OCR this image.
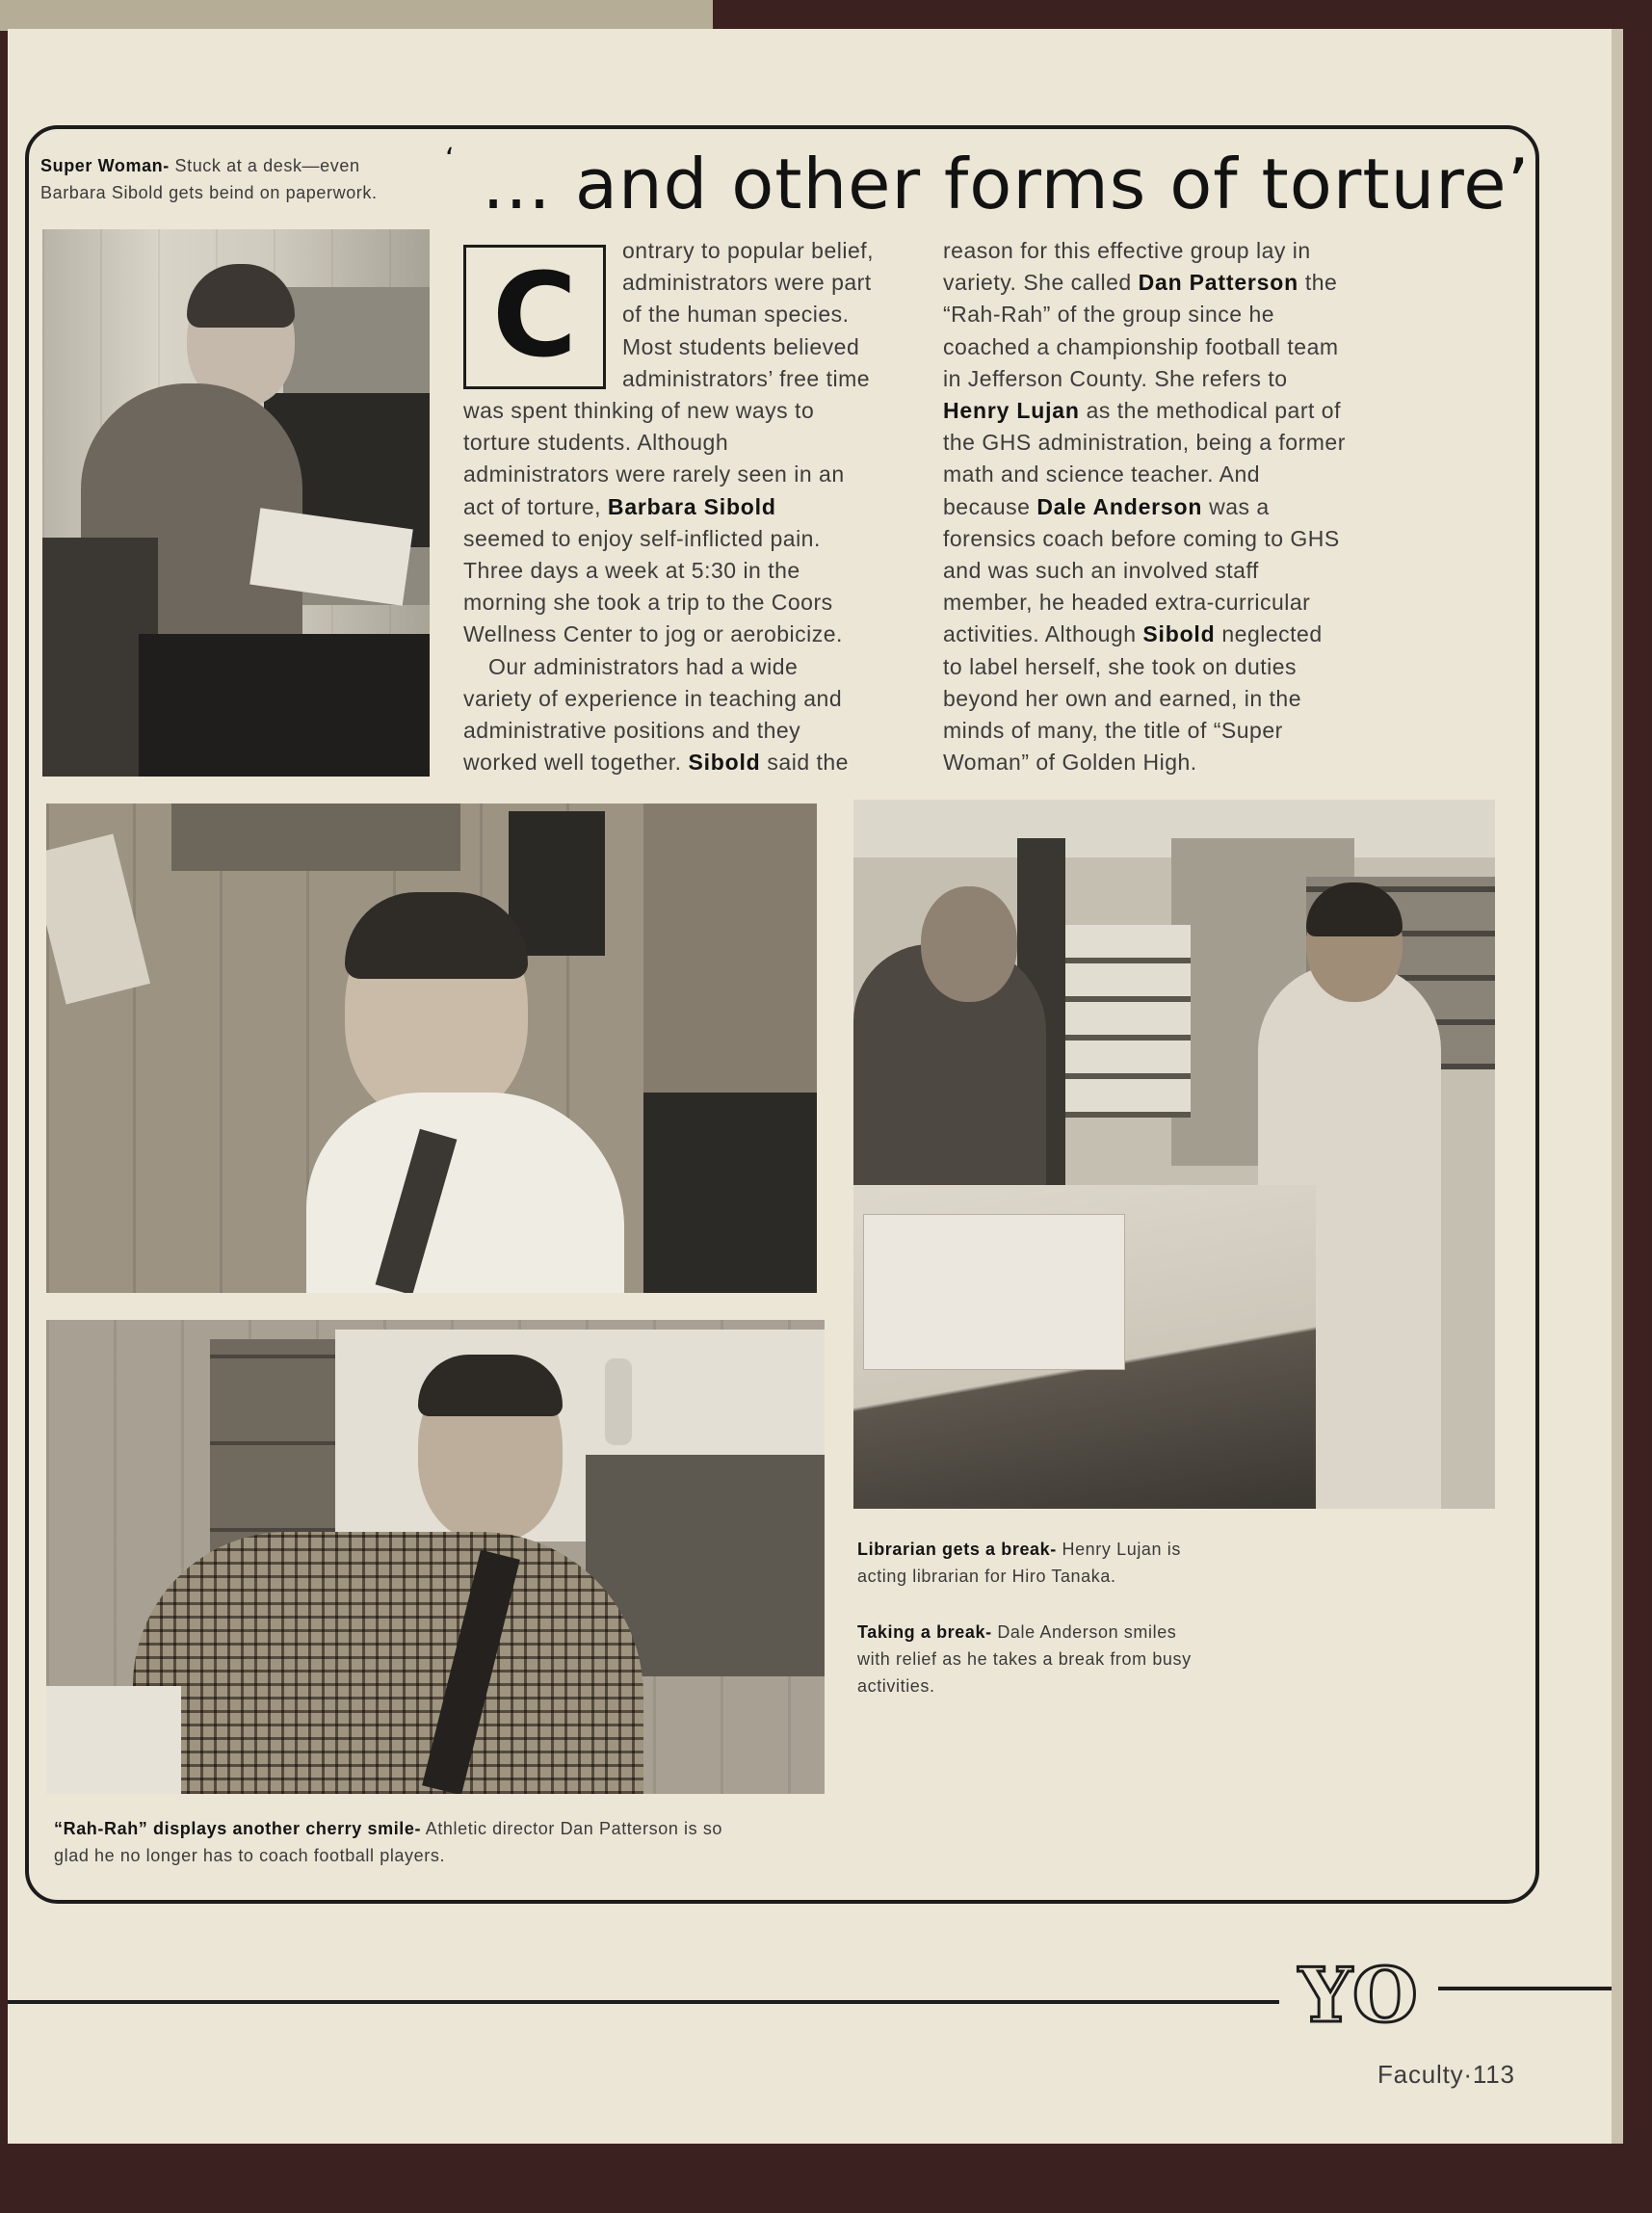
Super Woman- Stuck at a desk—even
Barbara Sibold gets beind on paperwork.
‘ … and other forms of torture’
C	ontrary to popular belief,
administrators were part
of the human species.
Most students believed
administrators’ free time
was spent thinking of new ways to
torture students. Although
administrators were rarely seen in an
act of torture, Barbara Sibold
seemed to enjoy self-inflicted pain.
Three days a week at 5:30 in the
morning she took a trip to the Coors
Wellness Center to jog or aerobicize.
Our administrators had a wide
variety of experience in teaching and
administrative positions and they
worked well together. Sibold said the
reason for this effective group lay in
variety. She called Dan Patterson the
“Rah-Rah” of the group since he
coached a championship football team
in Jefferson County. She refers to
Henry Lujan as the methodical part of
the GHS administration, being a former
math and science teacher. And
because Dale Anderson was a
forensics coach before coming to GHS
and was such an involved staff
member, he headed extra-curricular
activities. Although Sibold neglected
to label herself, she took on duties
beyond her own and earned, in the
minds of many, the title of “Super
Woman” of Golden High.
“Rah-Rah” displays another cherry smile- Athletic director Dan Patterson is so
glad he no longer has to coach football players.
Librarian gets a break- Henry Lujan is
acting librarian for Hiro Tanaka.
Taking a break- Dale Anderson smiles
with relief as he takes a break from busy
activities.
YO
Faculty·113
